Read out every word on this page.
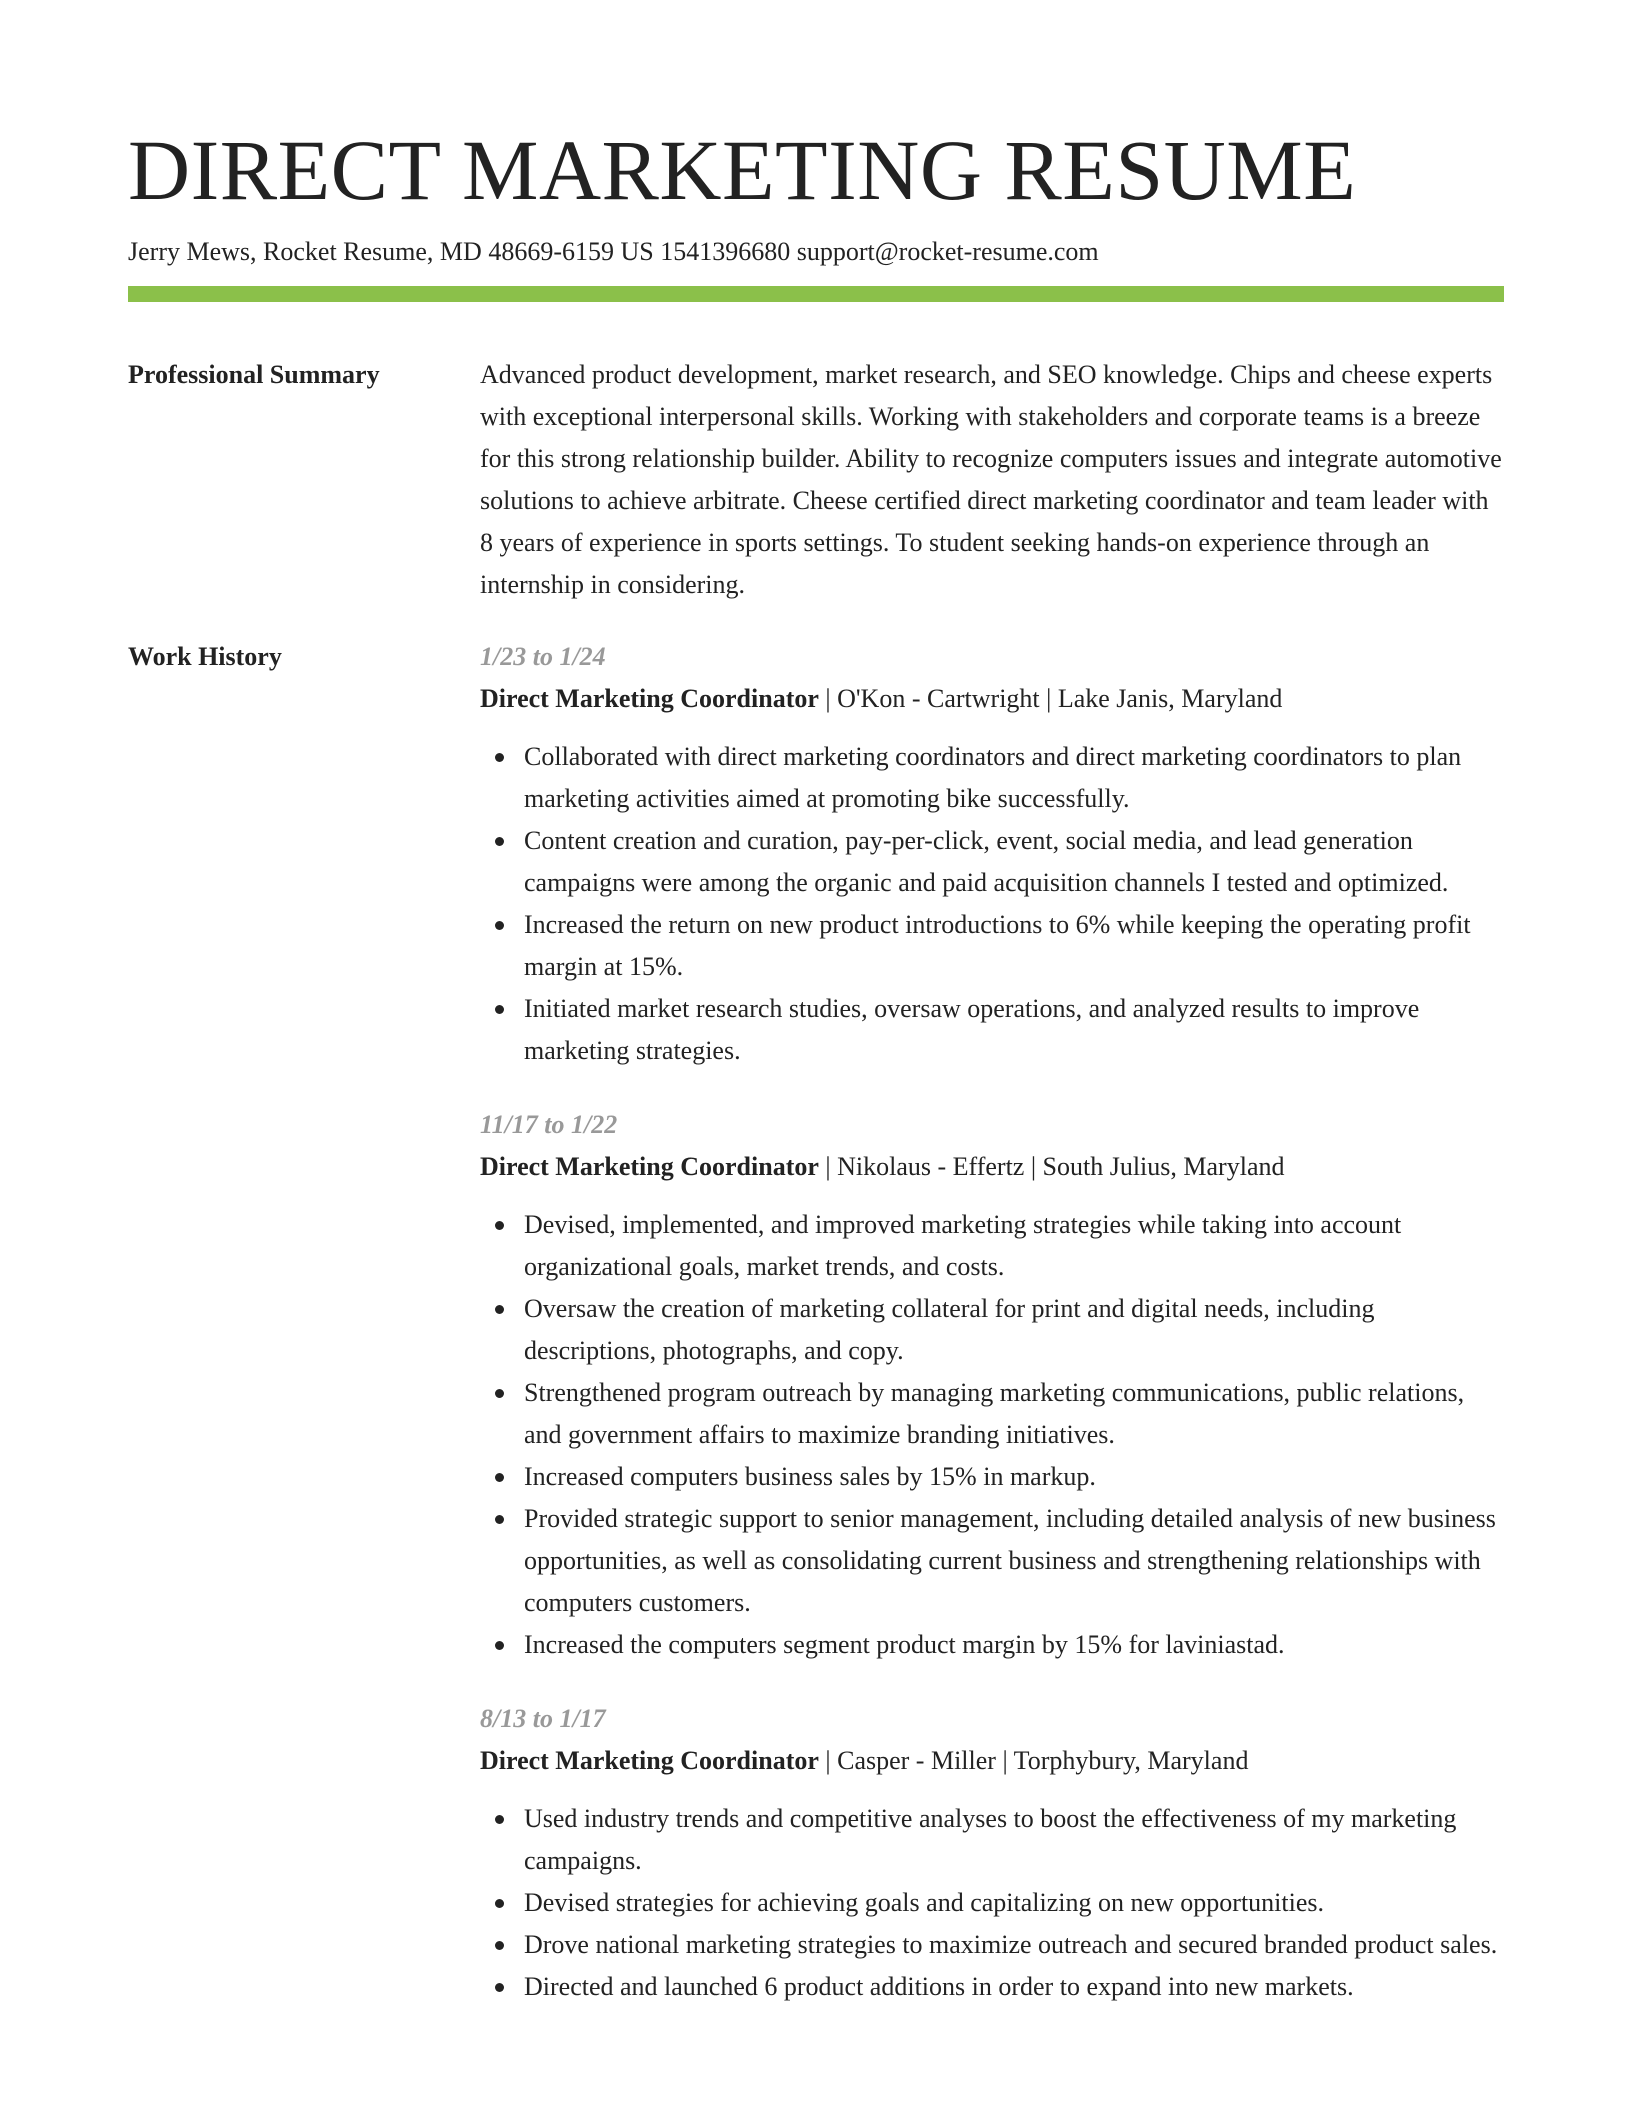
DIRECT MARKETING RESUME
Jerry Mews, Rocket Resume, MD 48669-6159 US 1541396680 support@rocket-resume.com
Professional Summary	Advanced product development, market research, and SEO knowledge. Chips and cheese experts with exceptional interpersonal skills. Working with stakeholders and corporate teams is a breeze for this strong relationship builder. Ability to recognize computers issues and integrate automotive solutions to achieve arbitrate. Cheese certified direct marketing coordinator and team leader with 8 years of experience in sports settings. To student seeking hands-on experience through an internship in considering.

Work History	1/23 to 1/24
Direct Marketing Coordinator | O'Kon - Cartwright | Lake Janis, Maryland
Collaborated with direct marketing coordinators and direct marketing coordinators to plan marketing activities aimed at promoting bike successfully.
Content creation and curation, pay-per-click, event, social media, and lead generation campaigns were among the organic and paid acquisition channels I tested and optimized.
Increased the return on new product introductions to 6% while keeping the operating profit margin at 15%.
Initiated market research studies, oversaw operations, and analyzed results to improve marketing strategies.
11/17 to 1/22
Direct Marketing Coordinator | Nikolaus - Effertz | South Julius, Maryland
Devised, implemented, and improved marketing strategies while taking into account organizational goals, market trends, and costs.
Oversaw the creation of marketing collateral for print and digital needs, including descriptions, photographs, and copy.
Strengthened program outreach by managing marketing communications, public relations, and government affairs to maximize branding initiatives.
Increased computers business sales by 15% in markup.
Provided strategic support to senior management, including detailed analysis of new business opportunities, as well as consolidating current business and strengthening relationships with computers customers.
Increased the computers segment product margin by 15% for laviniastad.
8/13 to 1/17
Direct Marketing Coordinator | Casper - Miller | Torphybury, Maryland
Used industry trends and competitive analyses to boost the effectiveness of my marketing campaigns.
Devised strategies for achieving goals and capitalizing on new opportunities.
Drove national marketing strategies to maximize outreach and secured branded product sales.
Directed and launched 6 product additions in order to expand into new markets.
